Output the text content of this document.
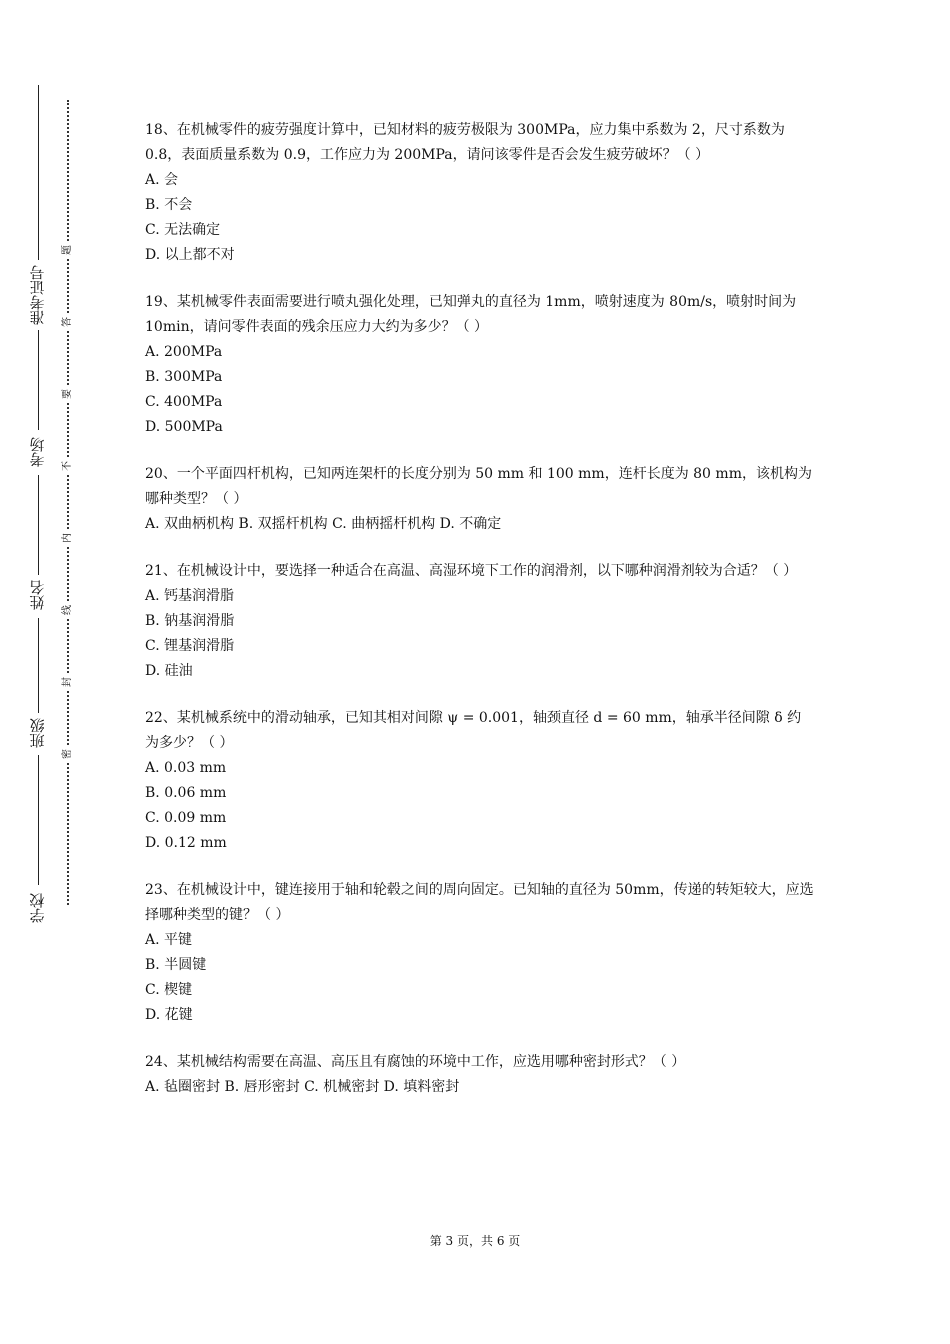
准考证号
考场
姓名
班级
学校
题
答
要
不
内
线
封
密

18、在机械零件的疲劳强度计算中，已知材料的疲劳极限为 300MPa，应力集中系数为 2，尺寸系数为 0.8，表面质量系数为 0.9，工作应力为 200MPa，请问该零件是否会发生疲劳破坏？（ ）

A. 会

B. 不会

C. 无法确定

D. 以上都不对

19、某机械零件表面需要进行喷丸强化处理，已知弹丸的直径为 1mm，喷射速度为 80m/s，喷射时间为 10min，请问零件表面的残余压应力大约为多少？（ ）

A. 200MPa

B. 300MPa

C. 400MPa

D. 500MPa

20、一个平面四杆机构，已知两连架杆的长度分别为 50 mm 和 100 mm，连杆长度为 80 mm，该机构为哪种类型？（ ）

A. 双曲柄机构 B. 双摇杆机构 C. 曲柄摇杆机构 D. 不确定

21、在机械设计中，要选择一种适合在高温、高湿环境下工作的润滑剂，以下哪种润滑剂较为合适？（ ）

A. 钙基润滑脂

B. 钠基润滑脂

C. 锂基润滑脂

D. 硅油

22、某机械系统中的滑动轴承，已知其相对间隙 ψ = 0.001，轴颈直径 d = 60 mm，轴承半径间隙 δ 约为多少？（ ）

A. 0.03 mm

B. 0.06 mm

C. 0.09 mm

D. 0.12 mm

23、在机械设计中，键连接用于轴和轮毂之间的周向固定。已知轴的直径为 50mm，传递的转矩较大，应选择哪种类型的键？（ ）

A. 平键

B. 半圆键

C. 楔键

D. 花键

24、某机械结构需要在高温、高压且有腐蚀的环境中工作，应选用哪种密封形式？（ ）

A. 毡圈密封 B. 唇形密封 C. 机械密封 D. 填料密封

第 3 页，共 6 页
